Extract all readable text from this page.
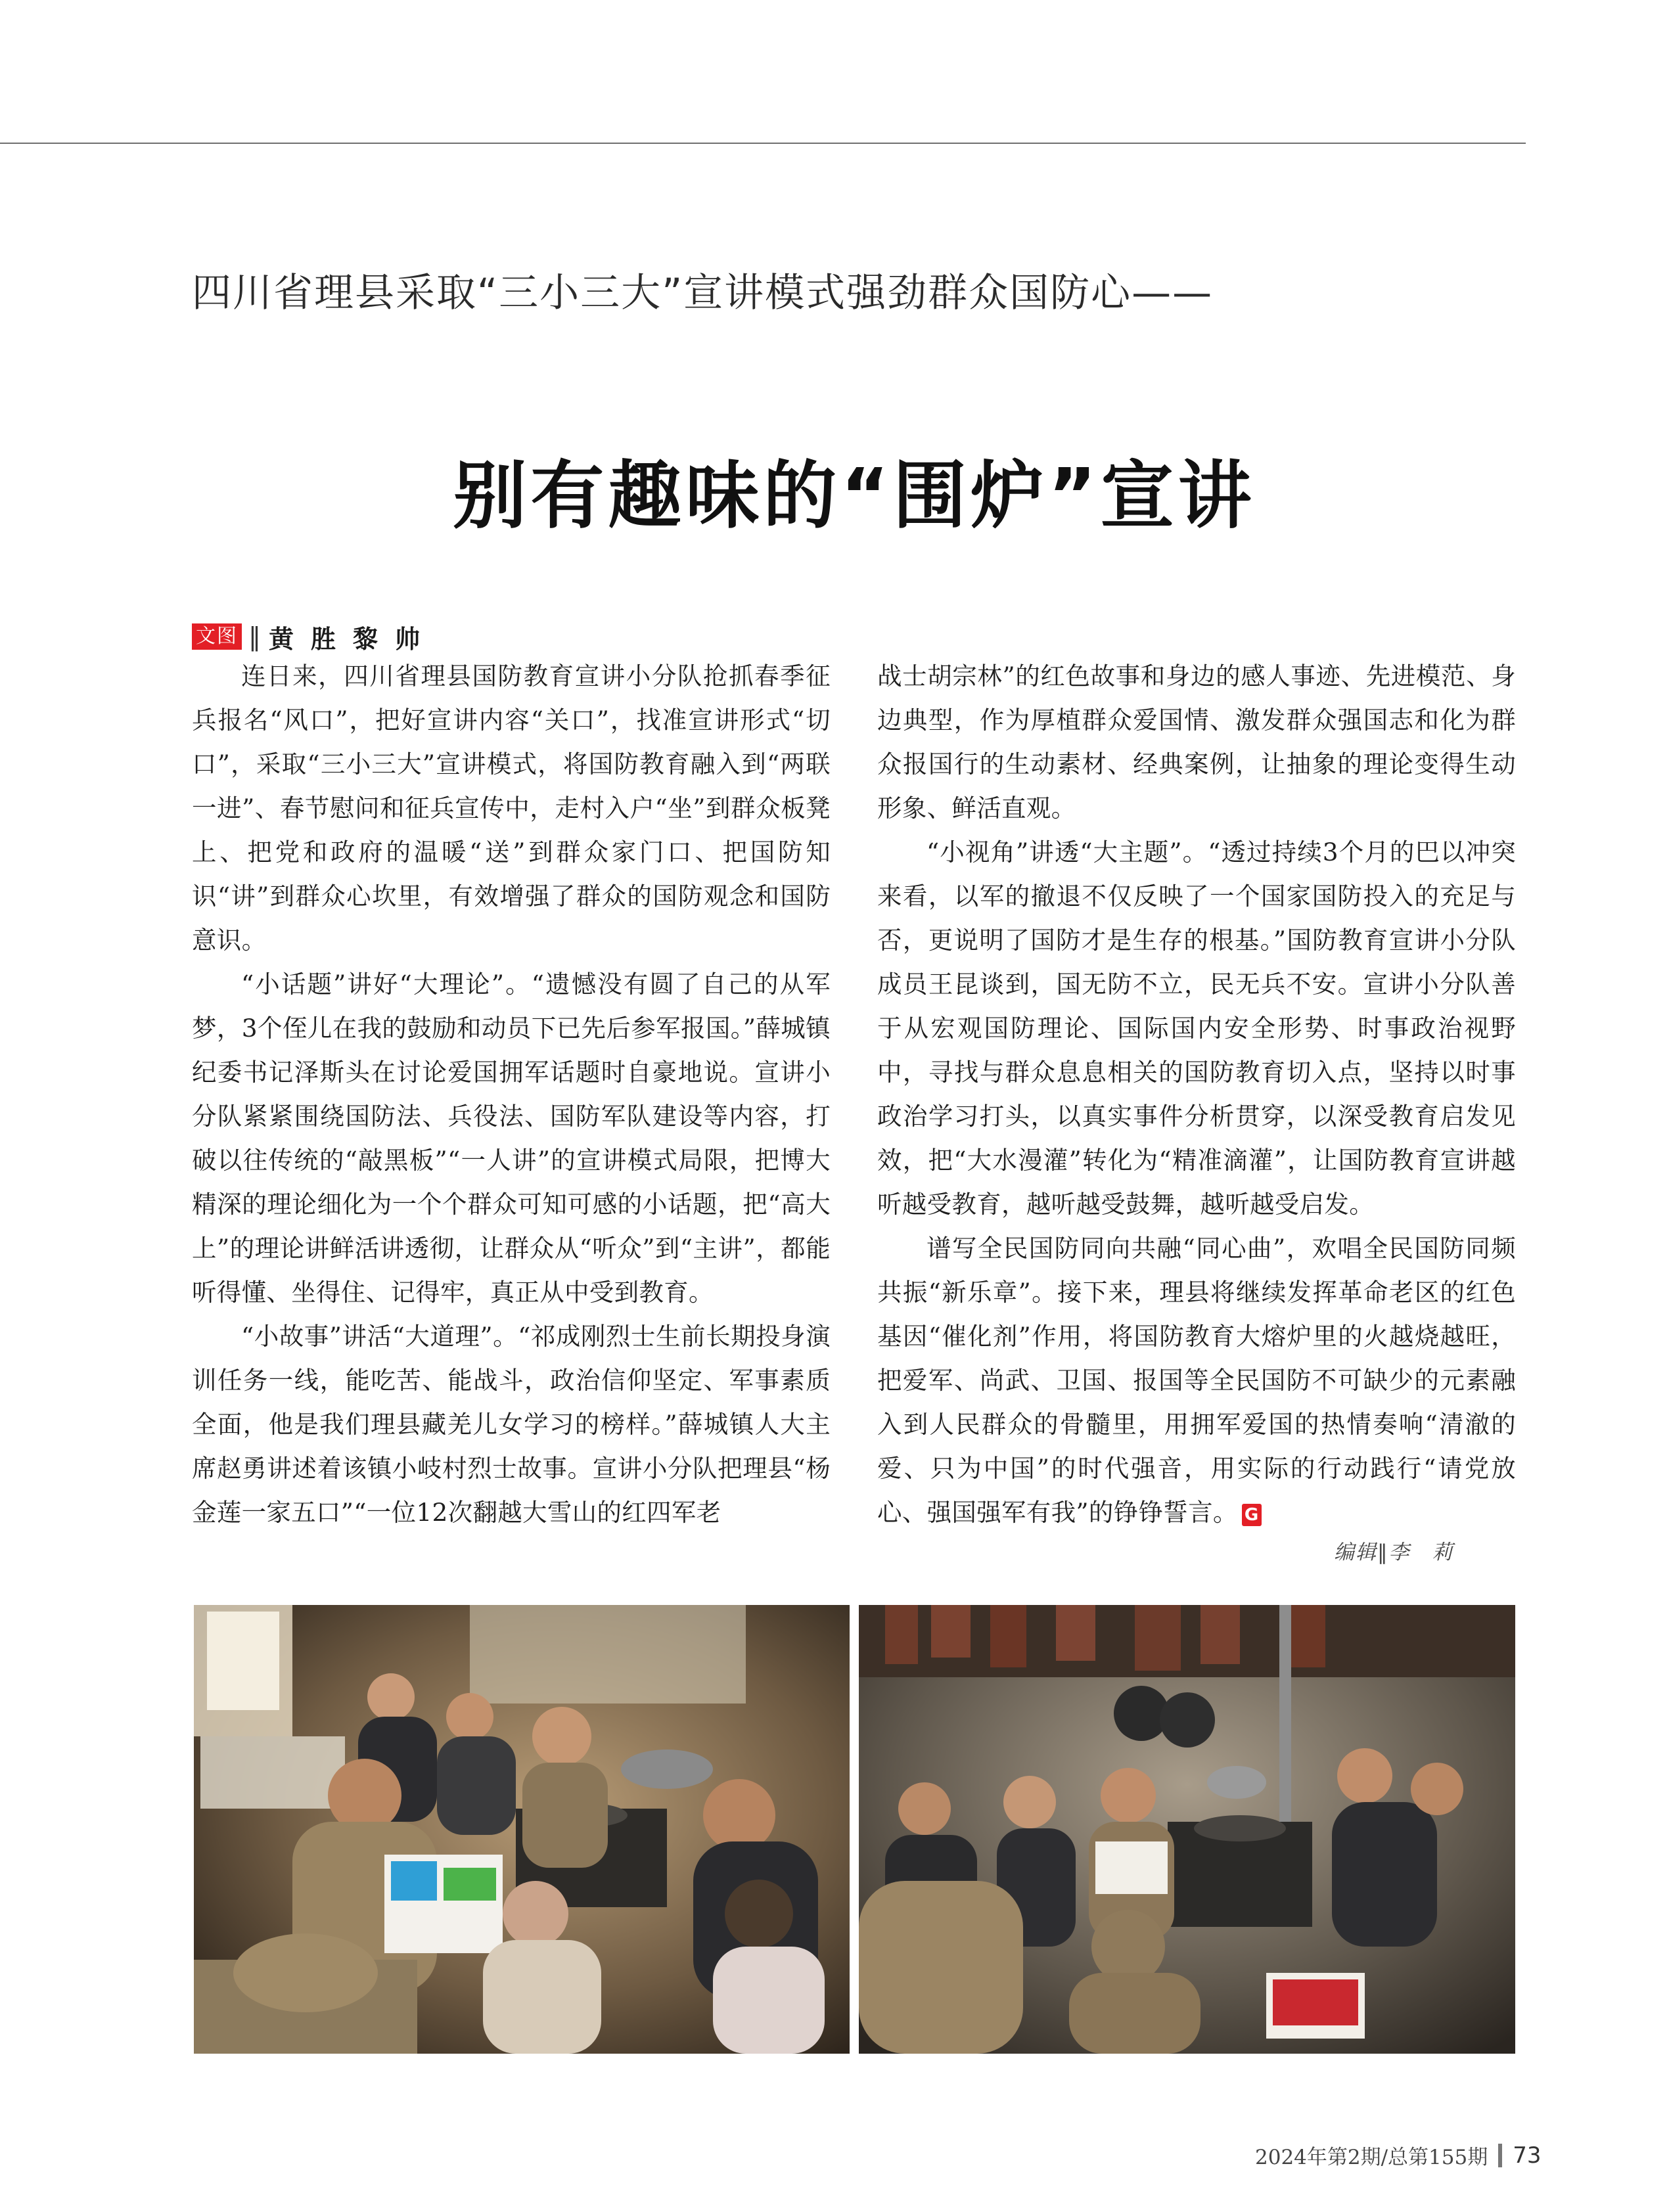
四川省理县采取“三小三大”宣讲模式强劲群众国防心——
别有趣味的“围炉”宣讲
文图 ‖ 黄胜黎帅

连日来，四川省理县国防教育宣讲小分队抢抓春季征兵报名“风口”，把好宣讲内容“关口”，找准宣讲形式“切口”，采取“三小三大”宣讲模式，将国防教育融入到“两联一进”、春节慰问和征兵宣传中，走村入户“坐”到群众板凳上、把党和政府的温暖“送”到群众家门口、把国防知识“讲”到群众心坎里，有效增强了群众的国防观念和国防意识。

“小话题”讲好“大理论”。“遗憾没有圆了自己的从军梦，3个侄儿在我的鼓励和动员下已先后参军报国。”薛城镇纪委书记泽斯头在讨论爱国拥军话题时自豪地说。宣讲小分队紧紧围绕国防法、兵役法、国防军队建设等内容，打破以往传统的“敲黑板”“一人讲”的宣讲模式局限，把博大精深的理论细化为一个个群众可知可感的小话题，把“高大上”的理论讲鲜活讲透彻，让群众从“听众”到“主讲”，都能听得懂、坐得住、记得牢，真正从中受到教育。

“小故事”讲活“大道理”。“祁成刚烈士生前长期投身演训任务一线，能吃苦、能战斗，政治信仰坚定、军事素质全面，他是我们理县藏羌儿女学习的榜样。”薛城镇人大主席赵勇讲述着该镇小岐村烈士故事。宣讲小分队把理县“杨金莲一家五口”“一位12次翻越大雪山的红四军老

战士胡宗林”的红色故事和身边的感人事迹、先进模范、身边典型，作为厚植群众爱国情、激发群众强国志和化为群众报国行的生动素材、经典案例，让抽象的理论变得生动形象、鲜活直观。

“小视角”讲透“大主题”。“透过持续3个月的巴以冲突来看，以军的撤退不仅反映了一个国家国防投入的充足与否，更说明了国防才是生存的根基。”国防教育宣讲小分队成员王昆谈到，国无防不立，民无兵不安。宣讲小分队善于从宏观国防理论、国际国内安全形势、时事政治视野中，寻找与群众息息相关的国防教育切入点，坚持以时事政治学习打头，以真实事件分析贯穿，以深受教育启发见效，把“大水漫灌”转化为“精准滴灌”，让国防教育宣讲越听越受教育，越听越受鼓舞，越听越受启发。

谱写全民国防同向共融“同心曲”，欢唱全民国防同频共振“新乐章”。接下来，理县将继续发挥革命老区的红色基因“催化剂”作用，将国防教育大熔炉里的火越烧越旺，把爱军、尚武、卫国、报国等全民国防不可缺少的元素融入到人民群众的骨髓里，用拥军爱国的热情奏响“清澈的爱、只为中国”的时代强音，用实际的行动践行“请党放心、强国强军有我”的铮铮誓言。 G

编辑‖李　莉
2024年第2期/总第155期 73
